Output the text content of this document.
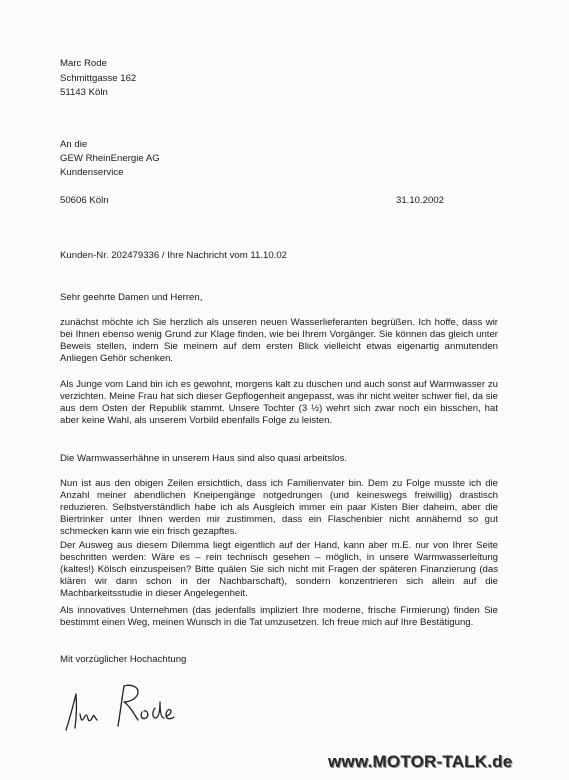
Marc Rode
Schmittgasse 162
51143 Köln
An die
GEW RheinEnergie AG
Kundenservice
50606 Köln	31.10.2002
Kunden-Nr. 202479336 / Ihre Nachricht vom 11.10.02
Sehr geehrte Damen und Herren,
zunächst möchte ich Sie herzlich als unseren neuen Wasserlieferanten begrüßen. Ich hoffe, dass wir bei Ihnen ebenso wenig Grund zur Klage finden, wie bei Ihrem Vorgänger. Sie können das gleich unter Beweis stellen, indem Sie meinem auf dem ersten Blick vielleicht etwas eigenartig anmutenden Anliegen Gehör schenken.
Als Junge vom Land bin ich es gewohnt, morgens kalt zu duschen und auch sonst auf Warmwasser zu verzichten. Meine Frau hat sich dieser Gepflogenheit angepasst, was ihr nicht weiter schwer fiel, da sie aus dem Osten der Republik stammt. Unsere Tochter (3 ½) wehrt sich zwar noch ein bisschen, hat aber keine Wahl, als unserem Vorbild ebenfalls Folge zu leisten.
Die Warmwasserhähne in unserem Haus sind also quasi arbeitslos.
Nun ist aus den obigen Zeilen ersichtlich, dass ich Familienvater bin. Dem zu Folge musste ich die Anzahl meiner abendlichen Kneipengänge notgedrungen (und keineswegs freiwillig) drastisch reduzieren. Selbstverständlich habe ich als Ausgleich immer ein paar Kisten Bier daheim, aber die Biertrinker unter Ihnen werden mir zustimmen, dass ein Flaschenbier nicht annähernd so gut schmecken kann wie ein frisch gezapftes.
Der Ausweg aus diesem Dilemma liegt eigentlich auf der Hand, kann aber m.E. nur von Ihrer Seite beschritten werden: Wäre es – rein technisch gesehen – möglich, in unsere Warmwasserleitung (kaltes!) Kölsch einzuspeisen? Bitte quälen Sie sich nicht mit Fragen der späteren Finanzierung (das klären wir dann schon in der Nachbarschaft), sondern konzentrieren sich allein auf die Machbarkeitsstudie in dieser Angelegenheit.
Als innovatives Unternehmen (das jedenfalls impliziert Ihre moderne, frische Firmierung) finden Sie bestimmt einen Weg, meinen Wunsch in die Tat umzusetzen. Ich freue mich auf Ihre Bestätigung.
Mit vorzüglicher Hochachtung
www.MOTOR-TALK.de
